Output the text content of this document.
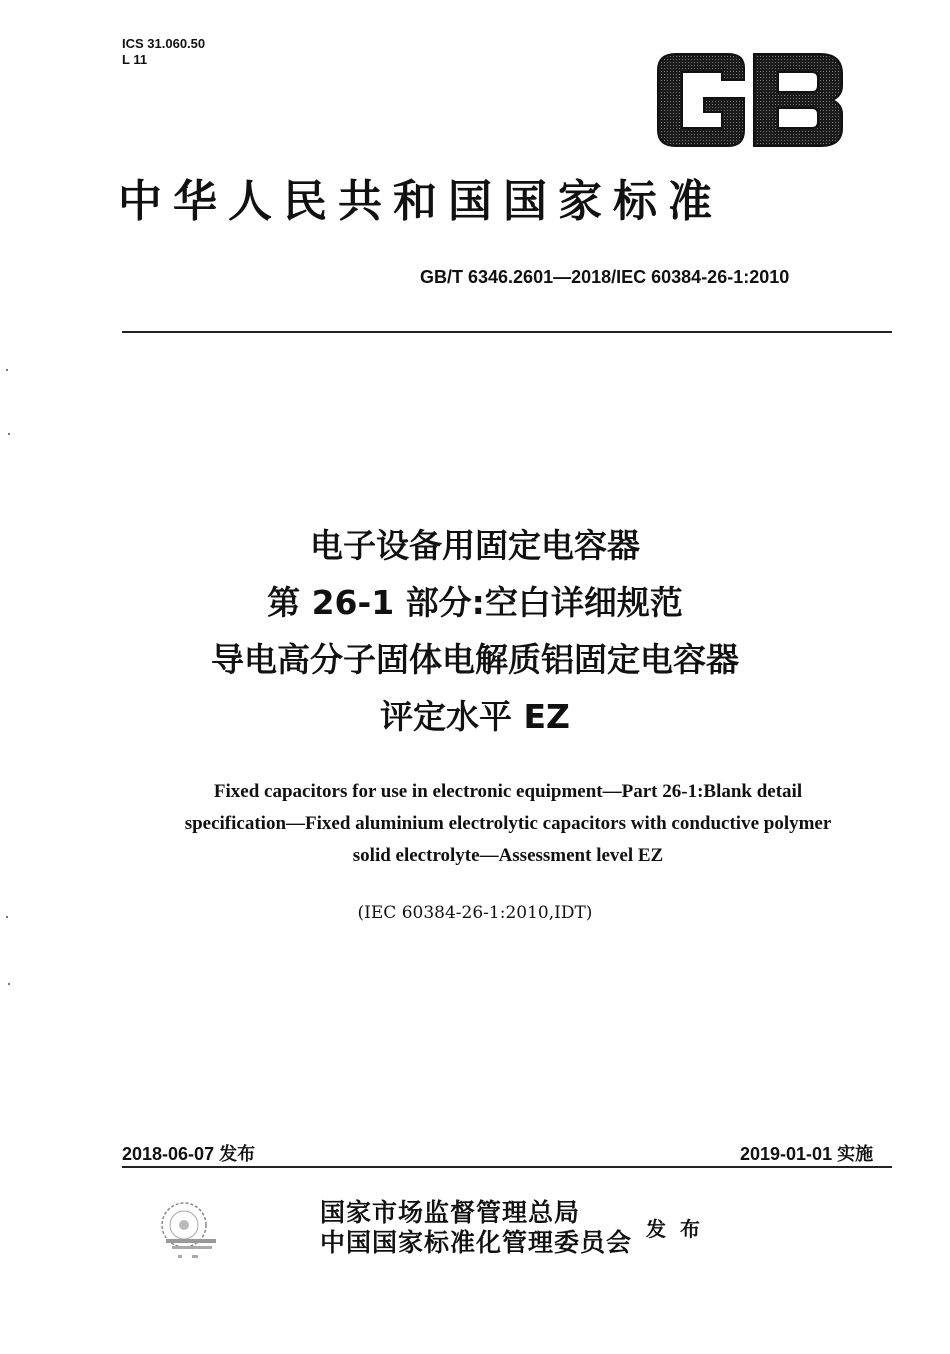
ICS 31.060.50
L 11
中华人民共和国国家标准
GB/T 6346.2601—2018/IEC 60384-26-1:2010
电子设备用固定电容器
第 26-1 部分:空白详细规范
导电高分子固体电解质铝固定电容器
评定水平 EZ
Fixed capacitors for use in electronic equipment—Part 26-1:Blank detail
specification—Fixed aluminium electrolytic capacitors with conductive polymer
solid electrolyte—Assessment level EZ
(IEC 60384-26-1:2010,IDT)
2018-06-07 发布	2019-01-01 实施
国家市场监督管理总局
中国国家标准化管理委员会 发布
